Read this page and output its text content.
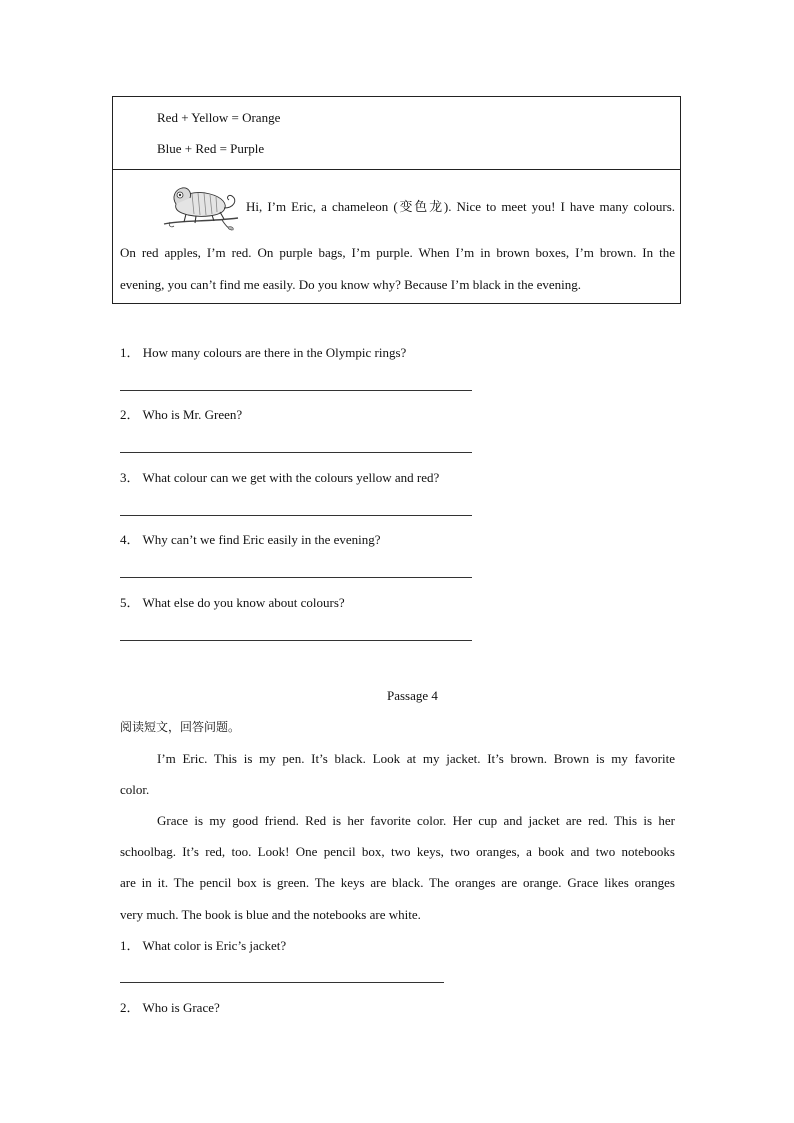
Red + Yellow = Orange
Blue + Red = Purple
Hi, I’m Eric, a chameleon (变色龙). Nice to meet you! I have many colours.
On red apples, I’m red. On purple bags, I’m purple. When I’m in brown boxes, I’m brown. In the
evening, you can’t find me easily. Do you know why? Because I’m black in the evening.
1． How many colours are there in the Olympic rings?
2． Who is Mr. Green?
3． What colour can we get with the colours yellow and red?
4． Why can’t we find Eric easily in the evening?
5． What else do you know about colours?
Passage 4
阅读短文，回答问题。
I’m Eric. This is my pen. It’s black. Look at my jacket. It’s brown. Brown is my favorite
color.
Grace is my good friend. Red is her favorite color. Her cup and jacket are red. This is her
schoolbag. It’s red, too. Look! One pencil box, two keys, two oranges, a book and two notebooks
are in it. The pencil box is green. The keys are black. The oranges are orange. Grace likes oranges
very much. The book is blue and the notebooks are white.
1． What color is Eric’s jacket?
2． Who is Grace?
